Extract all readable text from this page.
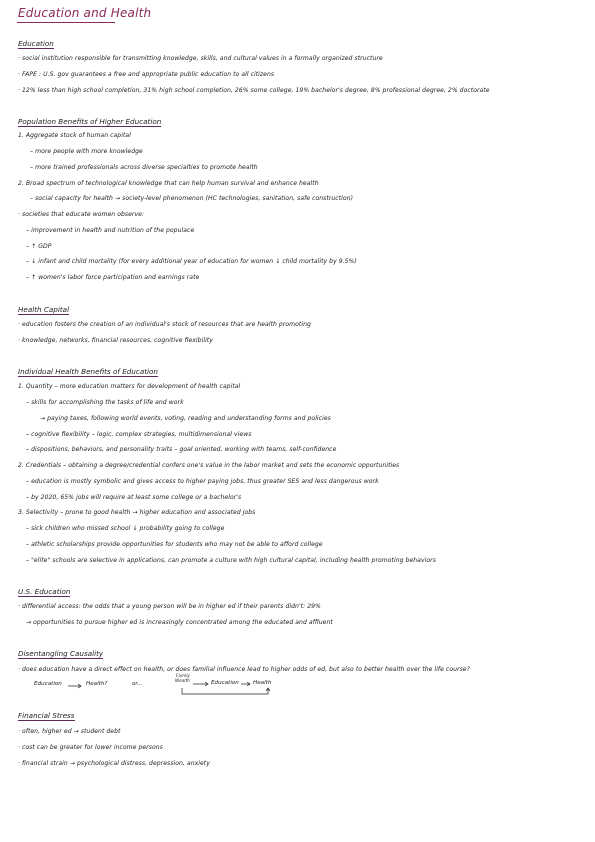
Education and Health
Education
· social institution responsible for transmitting knowledge, skills, and cultural values in a formally organized structure
· FAPE : U.S. gov guarantees a free and appropriate public education to all citizens
· 12% less than high school completion, 31% high school completion, 26% some college, 19% bachelor's degree, 8% professional degree, 2% doctorate
Population Benefits of Higher Education
1. Aggregate stock of human capital
– more people with more knowledge
– more trained professionals across diverse specialties to promote health
2. Broad spectrum of technological knowledge that can help human survival and enhance health
– social capacity for health → society-level phenomenon (HC technologies, sanitation, safe construction)
· societies that educate women observe:
– improvement in health and nutrition of the populace
– ↑ GDP
– ↓ infant and child mortality (for every additional year of education for women ↓ child mortality by 9.5%)
– ↑ women's labor force participation and earnings rate
Health Capital
· education fosters the creation of an individual's stock of resources that are health promoting
· knowledge, networks, financial resources, cognitive flexibility
Individual Health Benefits of Education
1. Quantity – more education matters for development of health capital
– skills for accomplishing the tasks of life and work
→ paying taxes, following world events, voting, reading and understanding forms and policies
– cognitive flexibility – logic, complex strategies, multidimensional views
– dispositions, behaviors, and personality traits – goal oriented, working with teams, self-confidence
2. Credentials – obtaining a degree/credential confers one's value in the labor market and sets the economic opportunities
– education is mostly symbolic and gives access to higher paying jobs, thus greater SES and less dangerous work
– by 2020, 65% jobs will require at least some college or a bachelor's
3. Selectivity – prone to good health → higher education and associated jobs
– sick children who missed school ↓ probability going to college
– athletic scholarships provide opportunities for students who may not be able to afford college
– "elite" schools are selective in applications, can promote a culture with high cultural capital, including health promoting behaviors
U.S. Education
· differential access: the odds that a young person will be in higher ed if their parents didn't: 29%
→ opportunities to pursue higher ed is increasingly concentrated among the educated and affluent
Disentangling Causality
· does education have a direct effect on health, or does familial influence lead to higher odds of ed, but also to better health over the life course?
Education	Health?	or...
Family
Wealth	Education	Health
Financial Stress
· often, higher ed → student debt
· cost can be greater for lower income persons
· financial strain → psychological distress, depression, anxiety
